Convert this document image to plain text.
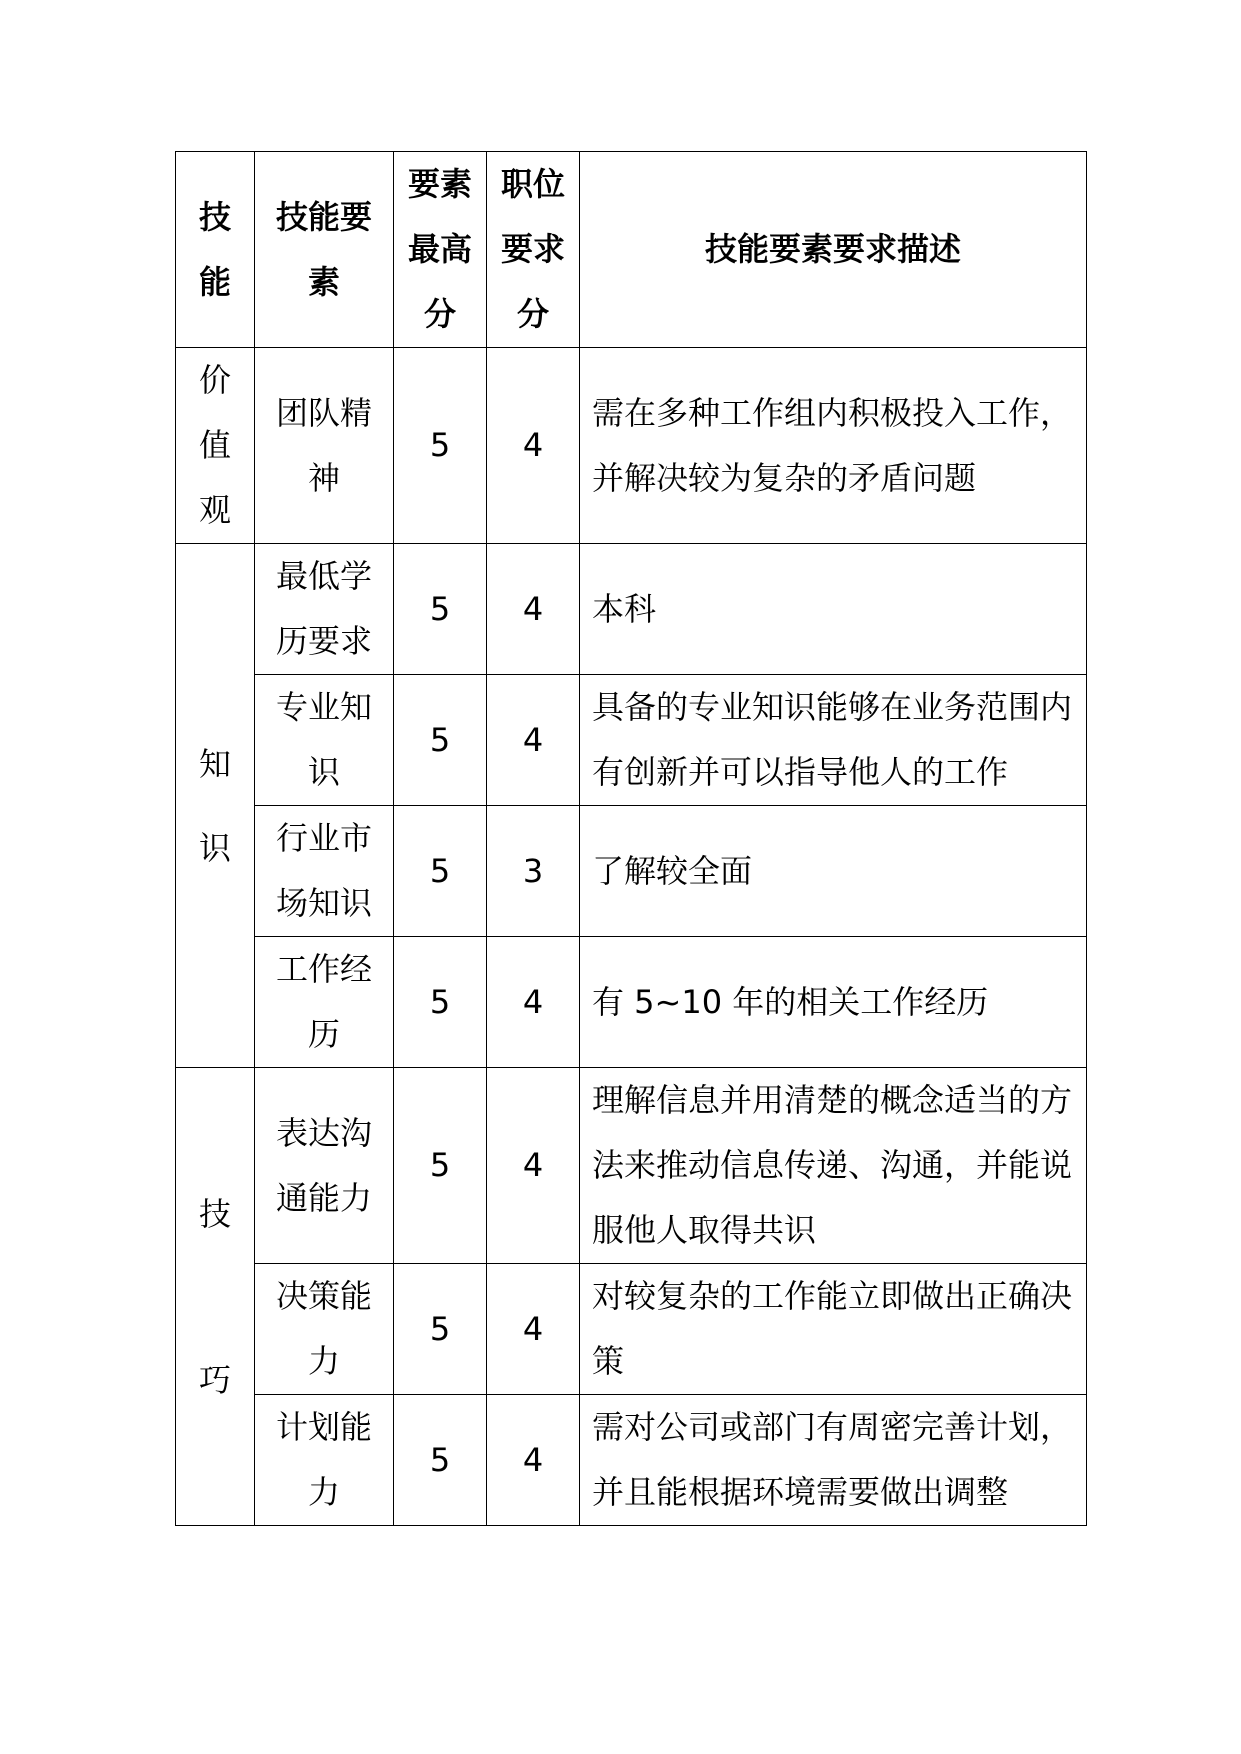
技能	技能要素	要素最高分	职位要求分	技能要素要求描述
价值观	团队精神	5	4	需在多种工作组内积极投入工作，并解决较为复杂的矛盾问题
知识	最低学历要求	5	4	本科
	专业知识	5	4	具备的专业知识能够在业务范围内有创新并可以指导他人的工作
	行业市场知识	5	3	了解较全面
	工作经历	5	4	有 5~10 年的相关工作经历
技巧	表达沟通能力	5	4	理解信息并用清楚的概念适当的方法来推动信息传递、沟通，并能说服他人取得共识
	决策能力	5	4	对较复杂的工作能立即做出正确决策
	计划能力	5	4	需对公司或部门有周密完善计划，并且能根据环境需要做出调整
